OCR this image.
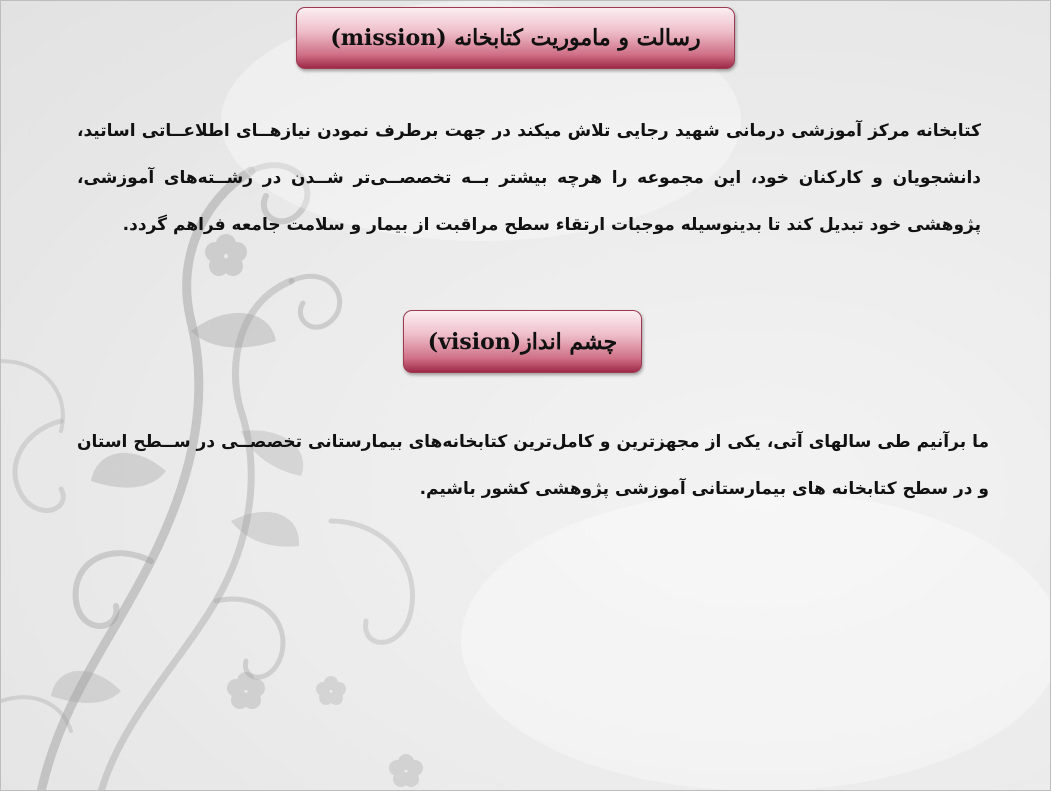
رسالت و ماموریت کتابخانه (mission)

کتابخانه مرکز آموزشی درمانی شهید رجایی تلاش میکند در جهت برطرف نمودن نیازهــای اطلاعــاتی اساتید، دانشجویان و کارکنان خود، این مجموعه را هرچه بیشتر بــه تخصصــی‌تر شــدن در رشــته‌های آموزشی، پژوهشی خود تبدیل کند تا بدینوسیله موجبات ارتقاء سطح مراقبت از بیمار و سلامت جامعه فراهم گردد.

چشم انداز(vision)

ما برآنیم طی سالهای آتی، یکی از مجهزترین و کامل‌ترین کتابخانه‌های بیمارستانی تخصصــی در ســطح استان و در سطح کتابخانه های بیمارستانی آموزشی پژوهشی کشور باشیم.
